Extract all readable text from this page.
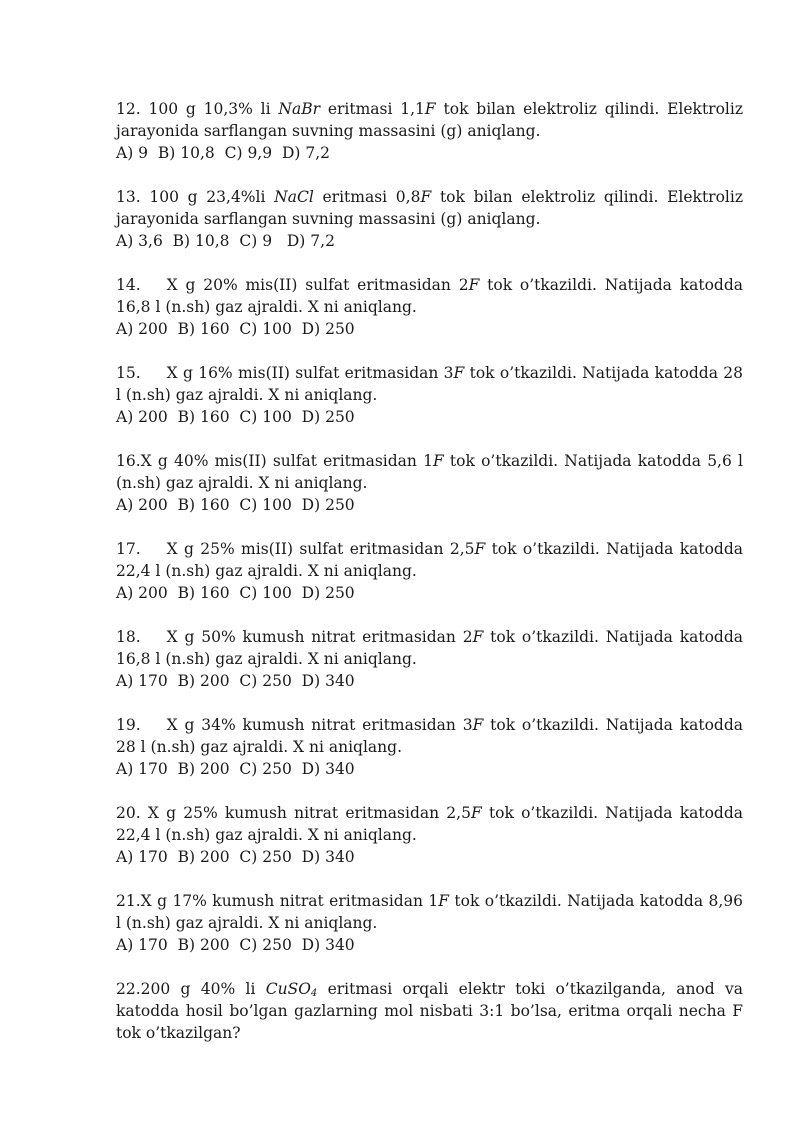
12. 100 g 10,3% li NaBr eritmasi 1,1F tok bilan elektroliz qilindi. Elektroliz jarayonida sarflangan suvning massasini (g) aniqlang.

A) 9  B) 10,8  C) 9,9  D) 7,2

13. 100 g 23,4%li NaCl eritmasi 0,8F tok bilan elektroliz qilindi. Elektroliz jarayonida sarflangan suvning massasini (g) aniqlang.

A) 3,6  B) 10,8  C) 9   D) 7,2

14. X g 20% mis(II) sulfat eritmasidan 2F tok o’tkazildi. Natijada katodda 16,8 l (n.sh) gaz ajraldi. X ni aniqlang.

A) 200  B) 160  C) 100  D) 250

15. X g 16% mis(II) sulfat eritmasidan 3F tok o’tkazildi. Natijada katodda 28 l (n.sh) gaz ajraldi. X ni aniqlang.

A) 200  B) 160  C) 100  D) 250

16.X g 40% mis(II) sulfat eritmasidan 1F tok o’tkazildi. Natijada katodda 5,6 l (n.sh) gaz ajraldi. X ni aniqlang.

A) 200  B) 160  C) 100  D) 250

17. X g 25% mis(II) sulfat eritmasidan 2,5F tok o’tkazildi. Natijada katodda 22,4 l (n.sh) gaz ajraldi. X ni aniqlang.

A) 200  B) 160  C) 100  D) 250

18. X g 50% kumush nitrat eritmasidan 2F tok o’tkazildi. Natijada katodda 16,8 l (n.sh) gaz ajraldi. X ni aniqlang.

A) 170  B) 200  C) 250  D) 340

19. X g 34% kumush nitrat eritmasidan 3F tok o’tkazildi. Natijada katodda 28 l (n.sh) gaz ajraldi. X ni aniqlang.

A) 170  B) 200  C) 250  D) 340

20. X g 25% kumush nitrat eritmasidan 2,5F tok o’tkazildi. Natijada katodda 22,4 l (n.sh) gaz ajraldi. X ni aniqlang.

A) 170  B) 200  C) 250  D) 340

21.X g 17% kumush nitrat eritmasidan 1F tok o’tkazildi. Natijada katodda 8,96 l (n.sh) gaz ajraldi. X ni aniqlang.

A) 170  B) 200  C) 250  D) 340

22.200 g 40% li CuSO$_4$ eritmasi orqali elektr toki o’tkazilganda, anod va katodda hosil bo’lgan gazlarning mol nisbati 3:1 bo’lsa, eritma orqali necha F tok o’tkazilgan?
